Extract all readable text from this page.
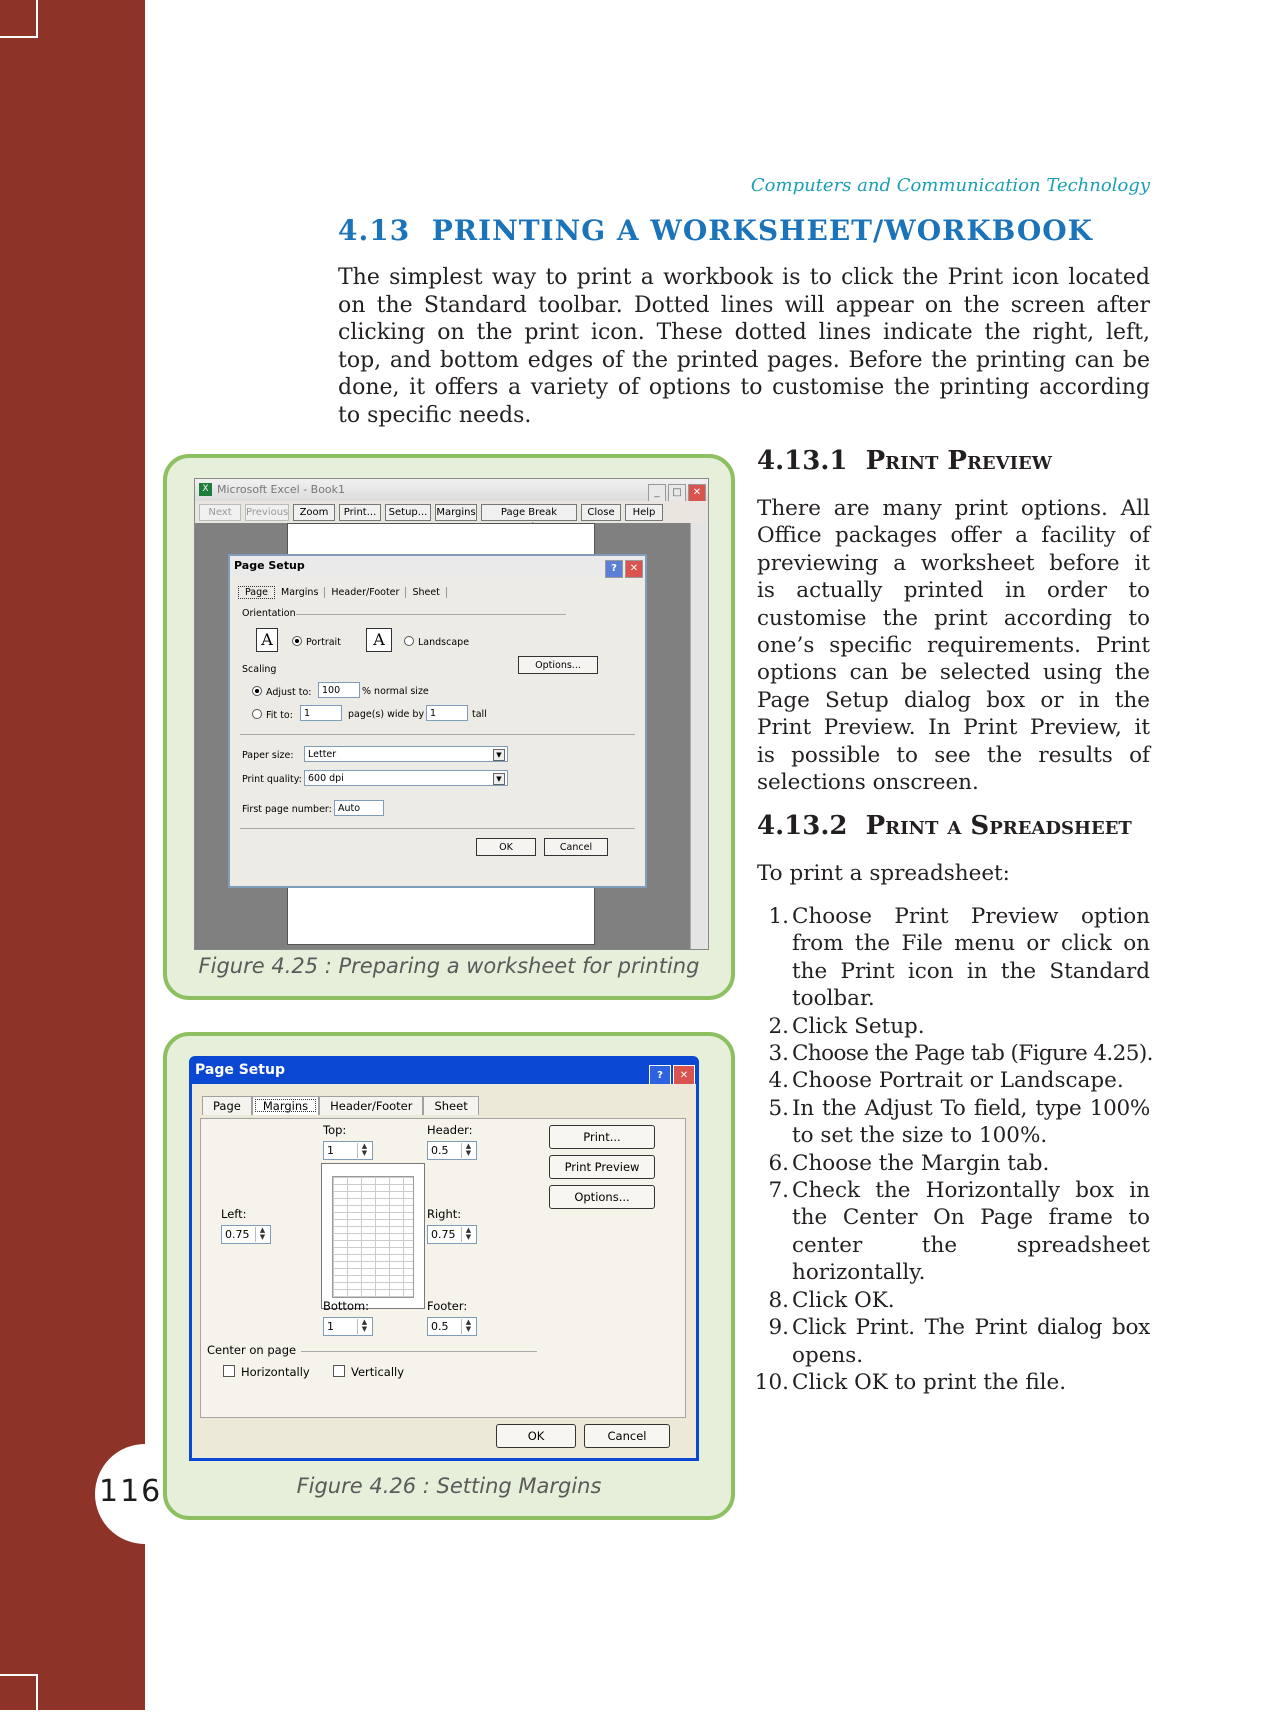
116
Computers and Communication Technology
4.13 PRINTING A WORKSHEET/WORKBOOK
The simplest way to print a workbook is to click the Print icon located
on the Standard toolbar. Dotted lines will appear on the screen after
clicking on the print icon. These dotted lines indicate the right, left,
top, and bottom edges of the printed pages. Before the printing can be
done, it offers a variety of options to customise the printing according
to specific needs.
4.13.1 Print Preview
There are many print options. All
Office packages offer a facility of
previewing a worksheet before it
is actually printed in order to
customise the print according to
one’s specific requirements. Print
options can be selected using the
Page Setup dialog box or in the
Print Preview. In Print Preview, it
is possible to see the results of
selections onscreen.
4.13.2 Print a Spreadsheet
To print a spreadsheet:
1. Choose Print Preview option
from the File menu or click on
the Print icon in the Standard
toolbar.
2. Click Setup.
3. Choose the Page tab (Figure 4.25).
4. Choose Portrait or Landscape.
5. In the Adjust To field, type 100%
to set the size to 100%.
6. Choose the Margin tab.
7. Check the Horizontally box in
the Center On Page frame to
center the spreadsheet
horizontally.
8. Click OK.
9. Click Print. The Print dialog box
opens.
10. Click OK to print the file.
X Microsoft Excel - Book1	_ □ ✕
Next	Previous	Zoom	Print...	Setup... Margins	Page Break	Close	Help
Page Setup	? ✕
Page Margins Header/Footer Sheet
Orientation
A	Portrait	A	Landscape
Scaling	Options...
Adjust to:	100	% normal size
Fit to:	1	page(s) wide by 1	tall
Paper size:	Letter	▼
Print quality: 600 dpi	▼
First page number: Auto
OK	Cancel
Figure 4.25 : Preparing a worksheet for printing
Page Setup	? ✕
Page Margins Header/Footer Sheet
Top:
1	▲
▼
Header:
0.5	▲
▼
Left:
0.75	▲
▼
Right:
0.75	▲
▼
Bottom:
1	▲
▼
Footer:
0.5	▲
▼
Center on page
Horizontally	Vertically
Print...
Print Preview
Options...
OK	Cancel
Figure 4.26 : Setting Margins
